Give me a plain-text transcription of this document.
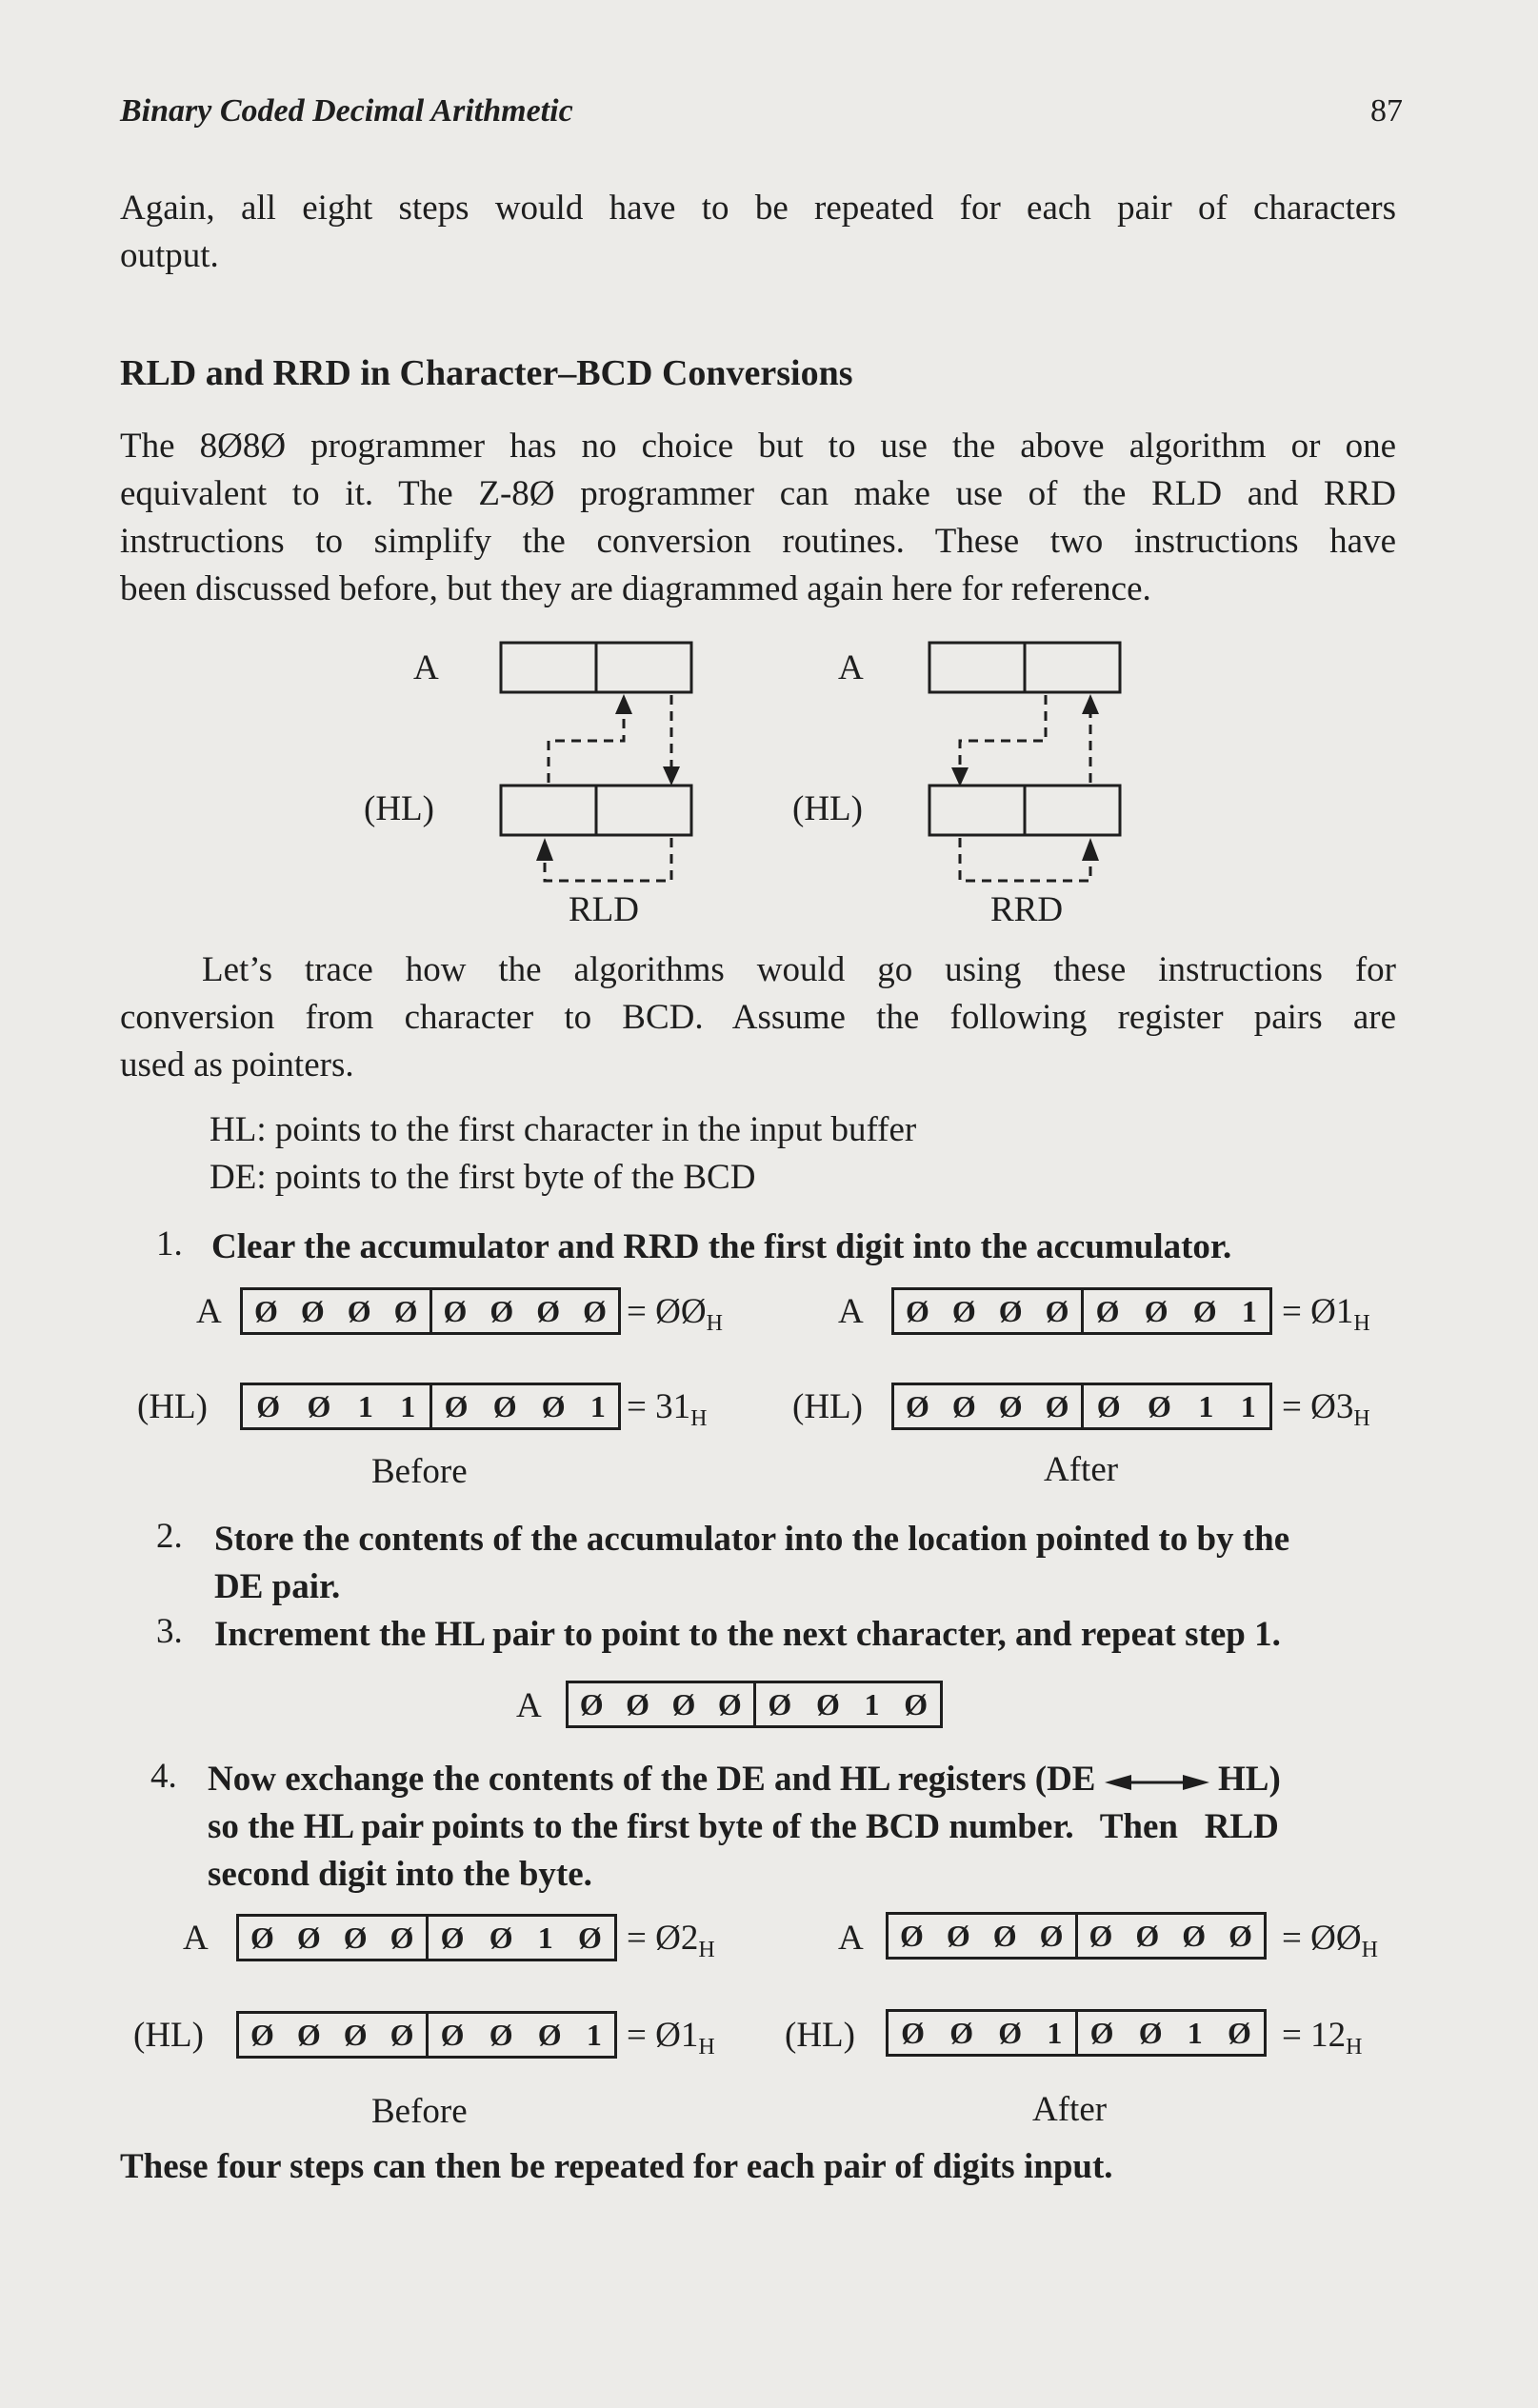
Binary Coded Decimal Arithmetic	87
Again, all eight steps would have to be repeated for each pair of characters
output.
RLD and RRD in Character–BCD Conversions
The 8Ø8Ø programmer has no choice but to use the above algorithm or one
equivalent to it. The Z-8Ø programmer can make use of the RLD and RRD
instructions to simplify the conversion routines. These two instructions have
been discussed before, but they are diagrammed again here for reference.
A
(HL)
RLD
A
(HL)
RRD
Let’s trace how the algorithms would go using these instructions for
conversion from character to BCD. Assume the following register pairs are
used as pointers.
HL: points to the first character in the input buffer
DE: points to the first byte of the BCD
1. Clear the accumulator and RRD the first digit into the accumulator.
A Ø Ø Ø Ø Ø Ø Ø Ø = $ØØ_H$	A Ø Ø Ø Ø Ø Ø Ø $1 = Ø1_H$
(HL) Ø Ø 1 1 Ø Ø Ø $1 = 31_H$ (HL) Ø Ø Ø Ø Ø Ø 1 $1 = Ø3_H$
Before	After
2. Store the contents of the accumulator into the location pointed to by the
DE pair.
3. Increment the HL pair to point to the next character, and repeat step 1.
A Ø Ø Ø Ø Ø Ø 1 Ø
4. Now exchange the contents of the DE and HL registers (DE	HL)
so the HL pair points to the first byte of the BCD number.   Then   RLD
second digit into the byte.
A Ø Ø Ø Ø Ø Ø 1 Ø = $Ø2_H$	A Ø Ø Ø Ø Ø Ø Ø Ø = $ØØ_H$
(HL) Ø Ø Ø Ø Ø Ø Ø $1 = Ø1_H$ (HL) Ø Ø Ø 1 Ø Ø 1 Ø = $12_H$
Before	After
These four steps can then be repeated for each pair of digits input.
